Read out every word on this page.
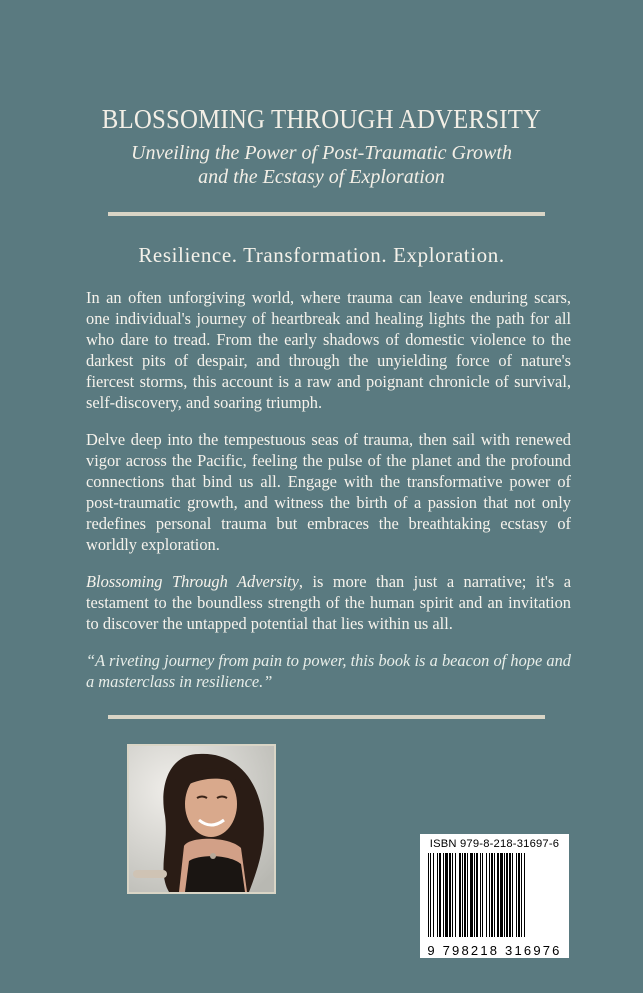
BLOSSOMING THROUGH ADVERSITY
Unveiling the Power of Post-Traumatic Growth
and the Ecstasy of Exploration
Resilience. Transformation. Exploration.

In an often unforgiving world, where trauma can leave enduring scars, one individual's journey of heartbreak and healing lights the path for all who dare to tread. From the early shadows of domestic violence to the darkest pits of despair, and through the unyielding force of nature's fiercest storms, this account is a raw and poignant chronicle of survival, self-discovery, and soaring triumph.

Delve deep into the tempestuous seas of trauma, then sail with renewed vigor across the Pacific, feeling the pulse of the planet and the profound connections that bind us all. Engage with the transformative power of post-traumatic growth, and witness the birth of a passion that not only redefines personal trauma but embraces the breathtaking ecstasy of worldly exploration.

Blossoming Through Adversity, is more than just a narrative; it's a testament to the boundless strength of the human spirit and an invitation to discover the untapped potential that lies within us all.

“A riveting journey from pain to power, this book is a beacon of hope and a masterclass in resilience.”

ISBN 979-8-218-31697-6
9 798218 316976
